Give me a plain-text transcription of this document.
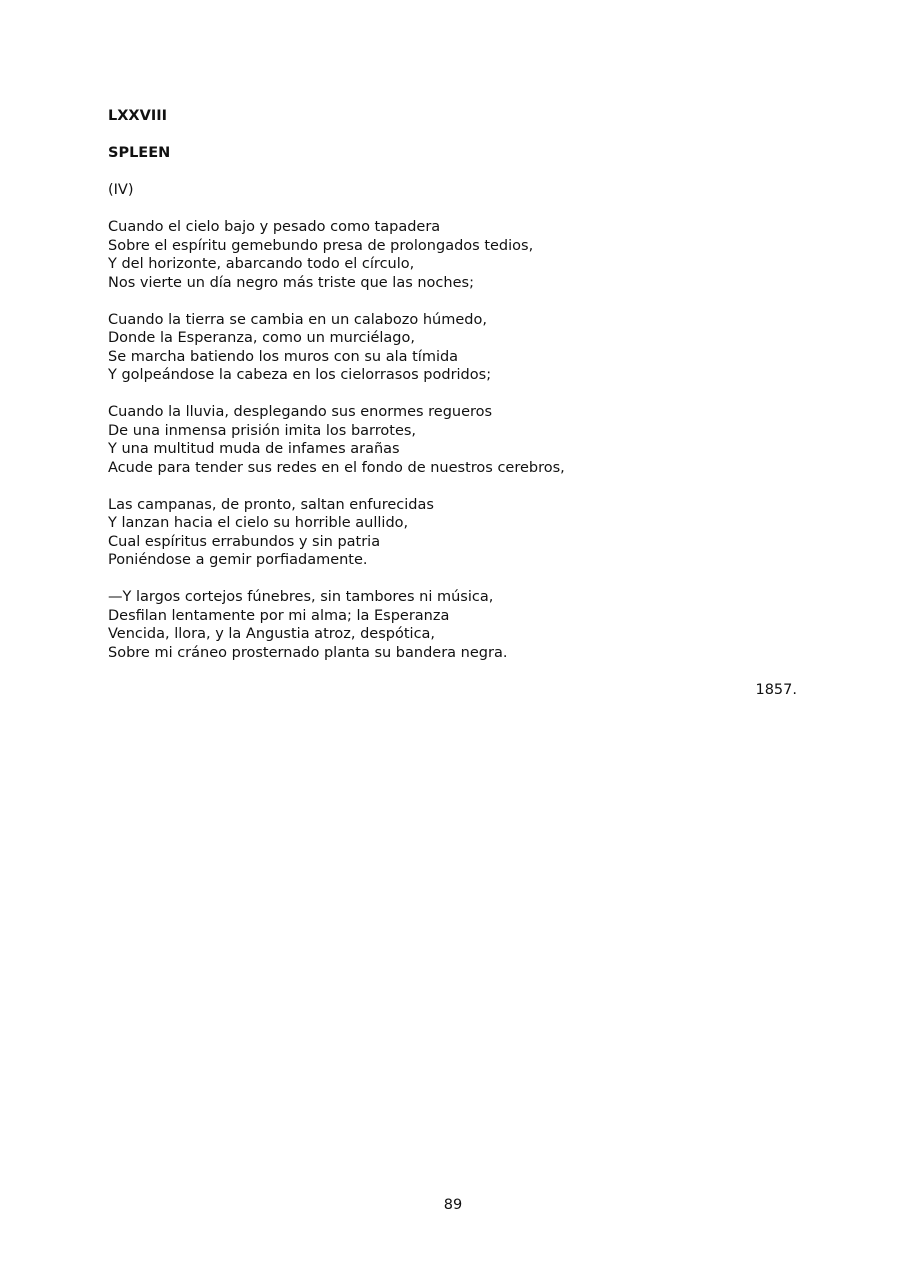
LXXVIII
SPLEEN
(IV)
Cuando el cielo bajo y pesado como tapadera
Sobre el espíritu gemebundo presa de prolongados tedios,
Y del horizonte, abarcando todo el círculo,
Nos vierte un día negro más triste que las noches;
Cuando la tierra se cambia en un calabozo húmedo,
Donde la Esperanza, como un murciélago,
Se marcha batiendo los muros con su ala tímida
Y golpeándose la cabeza en los cielorrasos podridos;
Cuando la lluvia, desplegando sus enormes regueros
De una inmensa prisión imita los barrotes,
Y una multitud muda de infames arañas
Acude para tender sus redes en el fondo de nuestros cerebros,
Las campanas, de pronto, saltan enfurecidas
Y lanzan hacia el cielo su horrible aullido,
Cual espíritus errabundos y sin patria
Poniéndose a gemir porfiadamente.
—Y largos cortejos fúnebres, sin tambores ni música,
Desfilan lentamente por mi alma; la Esperanza
Vencida, llora, y la Angustia atroz, despótica,
Sobre mi cráneo prosternado planta su bandera negra.
1857.
89
